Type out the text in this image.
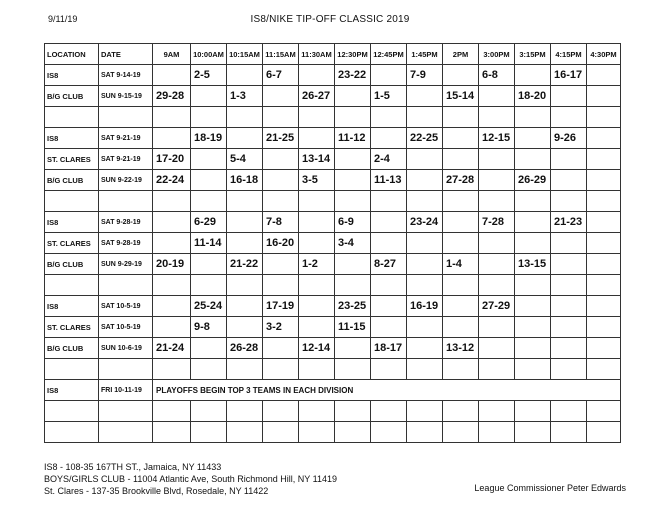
9/11/19	IS8/NIKE TIP-OFF CLASSIC 2019
LOCATION	DATE	9AM	10:00AM	10:15AM	11:15AM	11:30AM	12:30PM	12:45PM	1:45PM	2PM	3:00PM	3:15PM	4:15PM	4:30PM
IS8	SAT 9-14-19		2-5		6-7		23-22		7-9		6-8		16-17	
B/G CLUB	SUN 9-15-19	29-28		1-3		26-27		1-5		15-14		18-20		

IS8	SAT 9-21-19		18-19		21-25		11-12		22-25		12-15		9-26	
ST. CLARES	SAT 9-21-19	17-20		5-4		13-14		2-4						
B/G CLUB	SUN 9-22-19	22-24		16-18		3-5		11-13		27-28		26-29		

IS8	SAT 9-28-19		6-29		7-8		6-9		23-24		7-28		21-23	
ST. CLARES	SAT 9-28-19		11-14		16-20		3-4							
B/G CLUB	SUN 9-29-19	20-19		21-22		1-2		8-27		1-4		13-15		

IS8	SAT 10-5-19		25-24		17-19		23-25		16-19		27-29			
ST. CLARES	SAT 10-5-19		9-8		3-2		11-15							
B/G CLUB	SUN 10-6-19	21-24		26-28		12-14		18-17		13-12				

IS8	FRI 10-11-19	PLAYOFFS BEGIN TOP 3 TEAMS IN EACH DIVISION												

IS8 - 108-35 167TH ST., Jamaica, NY 11433
BOYS/GIRLS CLUB - 11004 Atlantic Ave, South Richmond Hill, NY 11419
St. Clares - 137-35 Brookville Blvd, Rosedale, NY 11422	League Commissioner Peter Edwards
